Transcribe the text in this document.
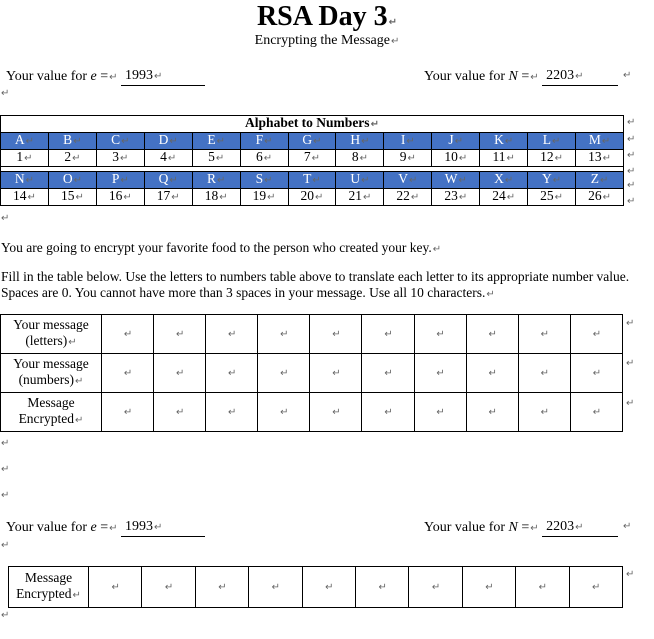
RSA Day 3↵
Encrypting the Message↵
Your value for e =↵ 1993↵	Your value for N =↵ 2203↵	↵
↵
Alphabet to Numbers↵												
A↵	B↵	C↵	D↵	E↵	F↵	G↵	H↵	I↵	J↵	K↵	L↵	M↵
1↵	2↵	3↵	4↵	5↵	6↵	7↵	8↵	9↵	10↵	11↵	12↵	13↵

N↵	O↵	P↵	Q↵	R↵	S↵	T↵	U↵	V↵	W↵	X↵	Y↵	Z↵
14↵	15↵	16↵	17↵	18↵	19↵	20↵	21↵	22↵	23↵	24↵	25↵	26↵
↵
↵
↵
↵
↵
↵
↵
You are going to encrypt your favorite food to the person who created your key.↵
Fill in the table below. Use the letters to numbers table above to translate each letter to its appropriate number value. Spaces are 0. You cannot have more than 3 spaces in your message. Use all 10 characters.↵
Your message (letters)↵	↵	↵	↵	↵	↵	↵	↵	↵	↵	↵
Your message (numbers)↵	↵	↵	↵	↵	↵	↵	↵	↵	↵	↵
Message Encrypted↵	↵	↵	↵	↵	↵	↵	↵	↵	↵	↵
↵
↵
↵
↵
↵
↵
Your value for e =↵ 1993↵	Your value for N =↵ 2203↵	↵
↵
Message Encrypted↵	↵	↵	↵	↵	↵	↵	↵	↵	↵	↵
↵
↵
